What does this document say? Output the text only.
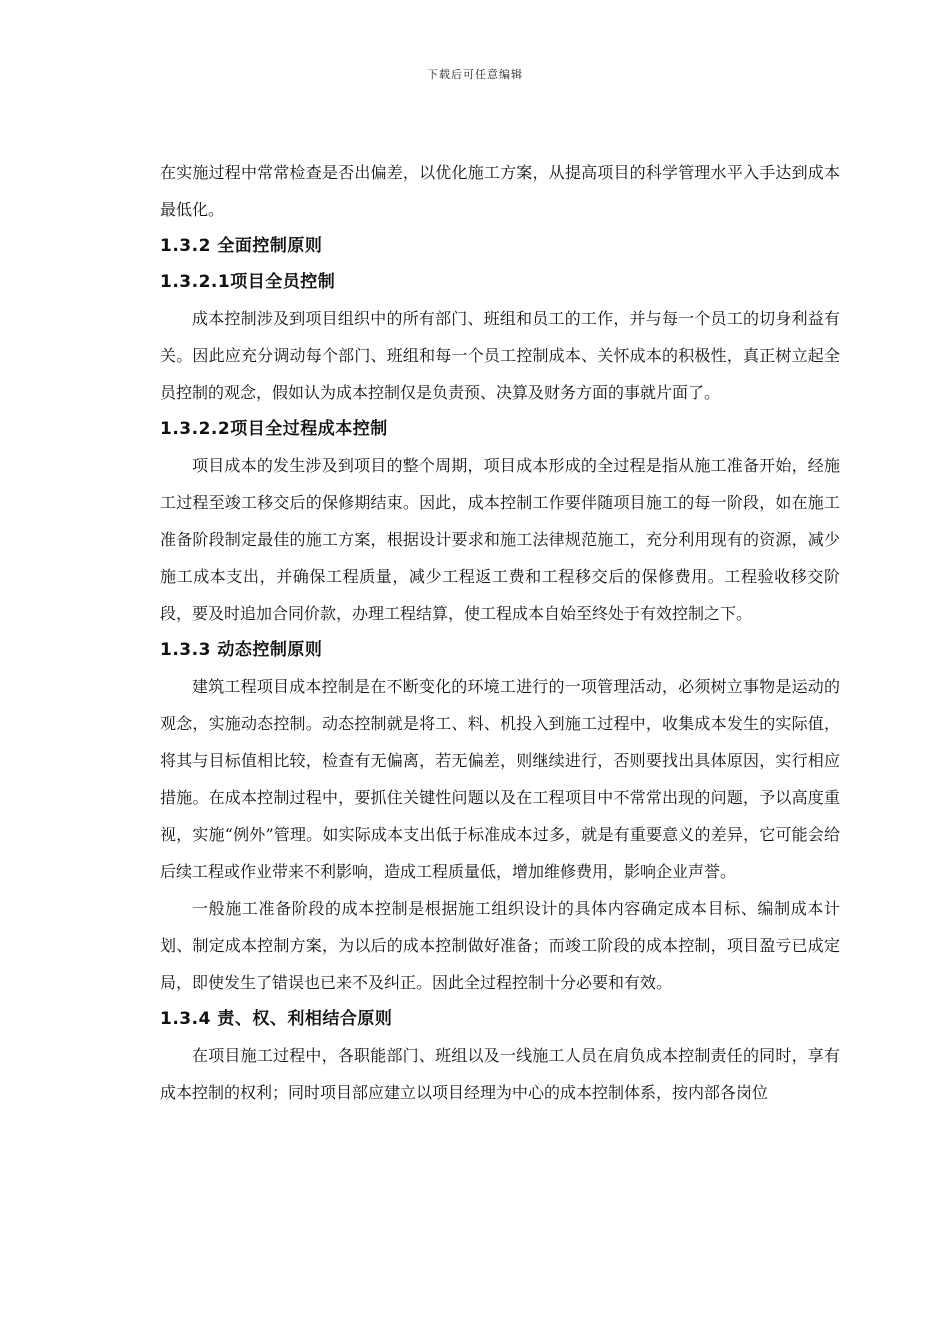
下载后可任意编辑

在实施过程中常常检查是否出偏差，以优化施工方案，从提高项目的科学管理水平入手达到成本最低化。

1.3.2 全面控制原则
1.3.2.1项目全员控制

成本控制涉及到项目组织中的所有部门、班组和员工的工作，并与每一个员工的切身利益有关。因此应充分调动每个部门、班组和每一个员工控制成本、关怀成本的积极性，真正树立起全员控制的观念，假如认为成本控制仅是负责预、决算及财务方面的事就片面了。

1.3.2.2项目全过程成本控制

项目成本的发生涉及到项目的整个周期，项目成本形成的全过程是指从施工准备开始，经施工过程至竣工移交后的保修期结束。因此，成本控制工作要伴随项目施工的每一阶段，如在施工准备阶段制定最佳的施工方案，根据设计要求和施工法律规范施工，充分利用现有的资源，减少施工成本支出，并确保工程质量，减少工程返工费和工程移交后的保修费用。工程验收移交阶段，要及时追加合同价款，办理工程结算，使工程成本自始至终处于有效控制之下。

1.3.3 动态控制原则

建筑工程项目成本控制是在不断变化的环境工进行的一项管理活动，必须树立事物是运动的观念，实施动态控制。动态控制就是将工、料、机投入到施工过程中，收集成本发生的实际值，将其与目标值相比较，检查有无偏离，若无偏差，则继续进行，否则要找出具体原因，实行相应措施。在成本控制过程中，要抓住关键性问题以及在工程项目中不常常出现的问题，予以高度重视，实施“例外”管理。如实际成本支出低于标准成本过多，就是有重要意义的差异，它可能会给后续工程或作业带来不利影响，造成工程质量低，增加维修费用，影响企业声誉。

一般施工准备阶段的成本控制是根据施工组织设计的具体内容确定成本目标、编制成本计划、制定成本控制方案，为以后的成本控制做好准备；而竣工阶段的成本控制，项目盈亏已成定局，即使发生了错误也已来不及纠正。因此全过程控制十分必要和有效。

1.3.4 责、权、利相结合原则

在项目施工过程中，各职能部门、班组以及一线施工人员在肩负成本控制责任的同时，享有成本控制的权利；同时项目部应建立以项目经理为中心的成本控制体系，按内部各岗位
